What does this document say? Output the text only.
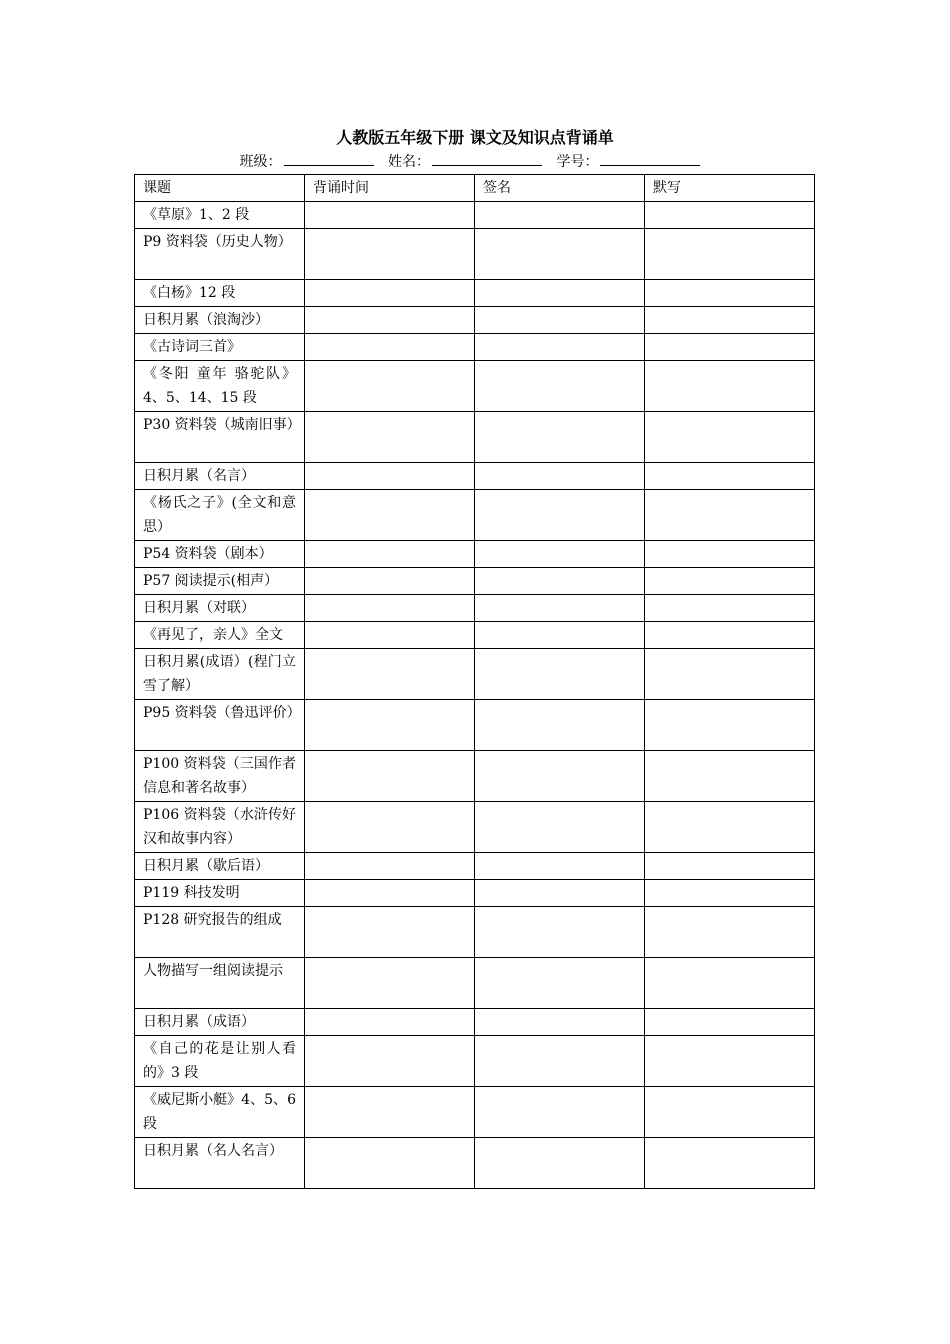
人教版五年级下册 课文及知识点背诵单
班级：	姓名：	学号：
课题	背诵时间	签名	默写
《草原》1、2 段			
P9 资料袋（历史人物）			
《白杨》12 段			
日积月累（浪淘沙）			
《古诗词三首》			
《冬阳 童年 骆驼队》4、5、14、15 段			
P30 资料袋（城南旧事）			
日积月累（名言）			
《杨氏之子》(全文和意思）			
P54 资料袋（剧本）			
P57 阅读提示(相声）			
日积月累（对联）			
《再见了，亲人》全文			
日积月累(成语）(程门立雪了解）			
P95 资料袋（鲁迅评价）			
P100 资料袋（三国作者信息和著名故事）			
P106 资料袋（水浒传好汉和故事内容）			
日积月累（歇后语）			
P119 科技发明			
P128 研究报告的组成			
人物描写一组阅读提示			
日积月累（成语）			
《自己的花是让别人看的》3 段			
《威尼斯小艇》4、5、6 段			
日积月累（名人名言）			
